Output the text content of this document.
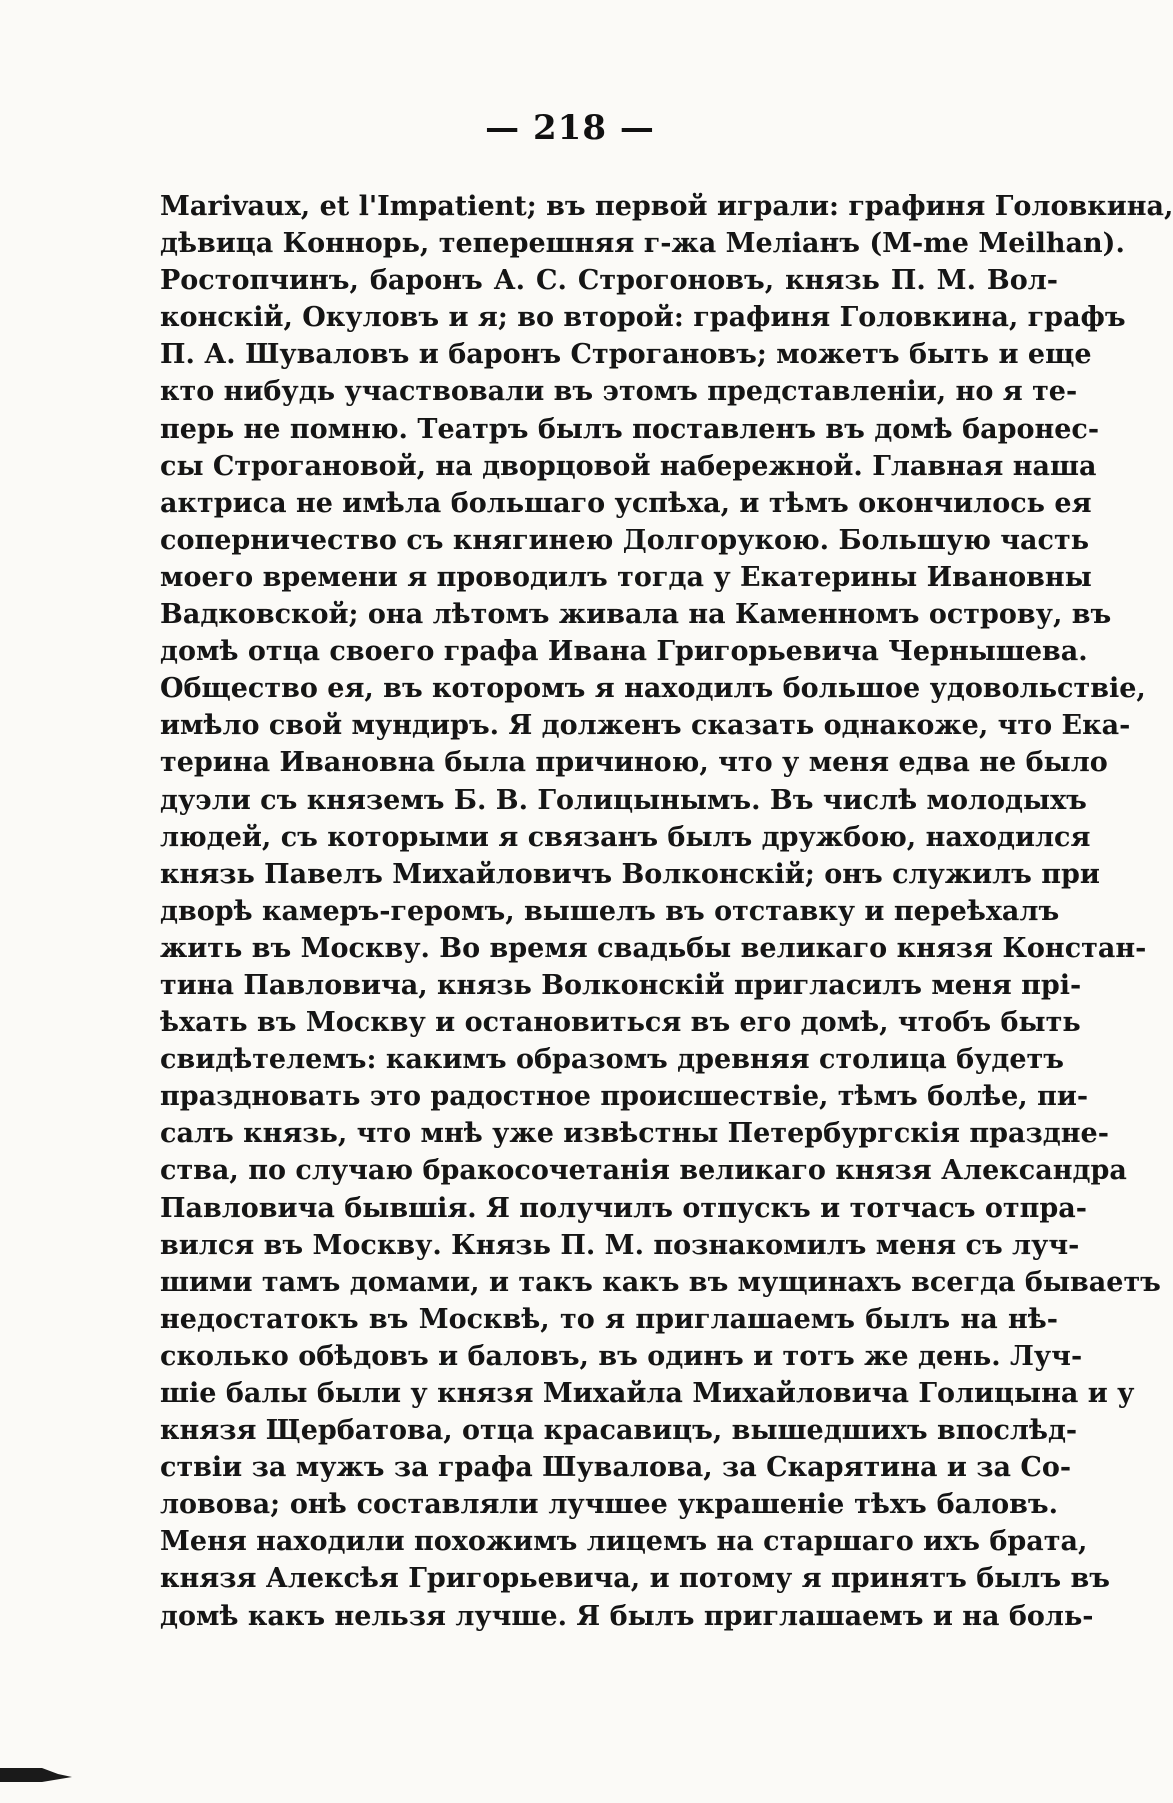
— 218 —
Marivaux, et l'Impatient; въ первой играли: графиня Головкина,
дѣвица Коннорь, теперешняя г-жа Меліанъ (M-me Meilhan).
Ростопчинъ, баронъ А. С. Строгоновъ, князь П. М. Вол-
конскій, Окуловъ и я; во второй: графиня Головкина, графъ
П. А. Шуваловъ и баронъ Строгановъ; можетъ быть и еще
кто нибудь участвовали въ этомъ представленіи, но я те-
перь не помню. Театръ былъ поставленъ въ домѣ баронес-
сы Строгановой, на дворцовой набережной. Главная наша
актриса не имѣла большаго успѣха, и тѣмъ окончилось ея
соперничество съ княгинею Долгорукою. Большую часть
моего времени я проводилъ тогда у Екатерины Ивановны
Вадковской; она лѣтомъ живала на Каменномъ острову, въ
домѣ отца своего графа Ивана Григорьевича Чернышева.
Общество ея, въ которомъ я находилъ большое удовольствіе,
имѣло свой мундиръ. Я долженъ сказать однакоже, что Ека-
терина Ивановна была причиною, что у меня едва не было
дуэли съ княземъ Б. В. Голицынымъ. Въ числѣ молодыхъ
людей, съ которыми я связанъ былъ дружбою, находился
князь Павелъ Михайловичъ Волконскій; онъ служилъ при
дворѣ камеръ-геромъ, вышелъ въ отставку и переѣхалъ
жить въ Москву. Во время свадьбы великаго князя Констан-
тина Павловича, князь Волконскій пригласилъ меня прі-
ѣхать въ Москву и остановиться въ его домѣ, чтобъ быть
свидѣтелемъ: какимъ образомъ древняя столица будетъ
праздновать это радостное происшествіе, тѣмъ болѣе, пи-
салъ князь, что мнѣ уже извѣстны Петербургскія праздне-
ства, по случаю бракосочетанія великаго князя Александра
Павловича бывшія. Я получилъ отпускъ и тотчасъ отпра-
вился въ Москву. Князь П. М. познакомилъ меня съ луч-
шими тамъ домами, и такъ какъ въ мущинахъ всегда бываетъ
недостатокъ въ Москвѣ, то я приглашаемъ былъ на нѣ-
сколько обѣдовъ и баловъ, въ одинъ и тотъ же день. Луч-
шіе балы были у князя Михайла Михайловича Голицына и у
князя Щербатова, отца красавицъ, вышедшихъ впослѣд-
ствіи за мужъ за графа Шувалова, за Скарятина и за Со-
ловова; онѣ составляли лучшее украшеніе тѣхъ баловъ.
Меня находили похожимъ лицемъ на старшаго ихъ брата,
князя Алексѣя Григорьевича, и потому я принятъ былъ въ
домѣ какъ нельзя лучше. Я былъ приглашаемъ и на боль-
